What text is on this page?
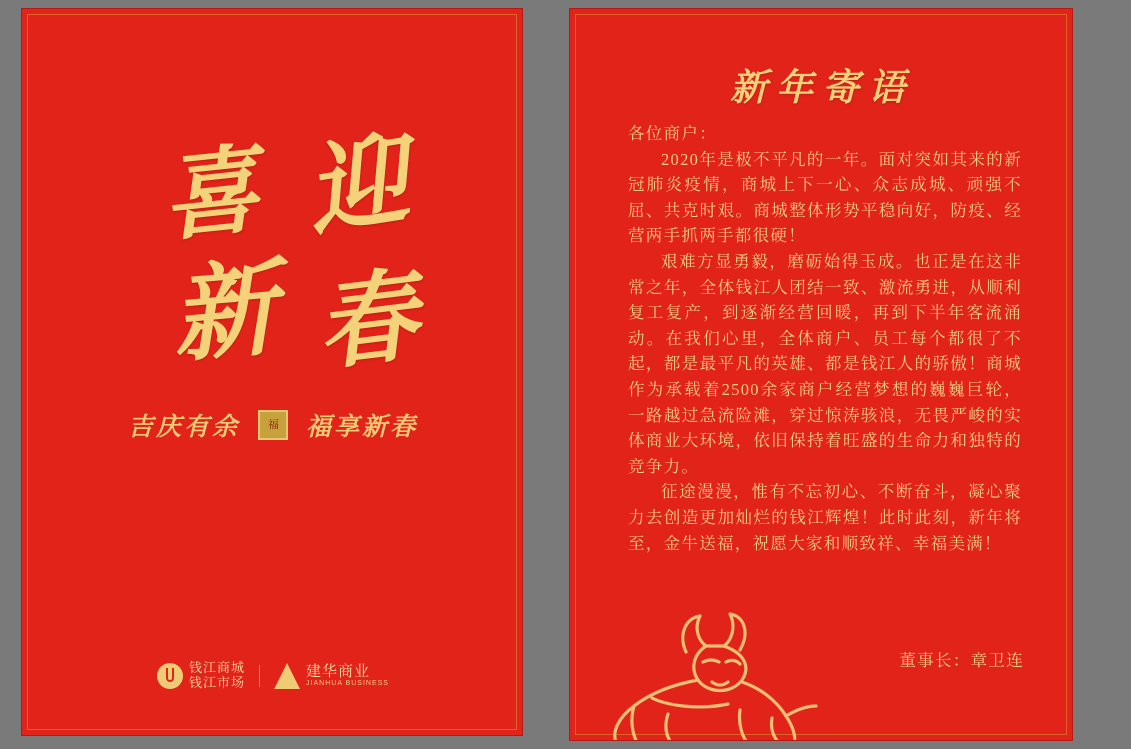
喜 迎
新 春
吉庆有余	福	福享新春
钱江商城
钱江市场
建华商业
JIANHUA BUSINESS
新年寄语

各位商户：

2020年是极不平凡的一年。面对突如其来的新冠肺炎疫情，商城上下一心、众志成城、顽强不屈、共克时艰。商城整体形势平稳向好，防疫、经营两手抓两手都很硬！

艰难方显勇毅，磨砺始得玉成。也正是在这非常之年，全体钱江人团结一致、激流勇进，从顺利复工复产，到逐渐经营回暖，再到下半年客流涌动。在我们心里，全体商户、员工每个都很了不起，都是最平凡的英雄、都是钱江人的骄傲！商城作为承载着2500余家商户经营梦想的巍巍巨轮，一路越过急流险滩，穿过惊涛骇浪，无畏严峻的实体商业大环境，依旧保持着旺盛的生命力和独特的竞争力。

征途漫漫，惟有不忘初心、不断奋斗，凝心聚力去创造更加灿烂的钱江辉煌！此时此刻，新年将至，金牛送福，祝愿大家和顺致祥、幸福美满！

董事长：章卫连
